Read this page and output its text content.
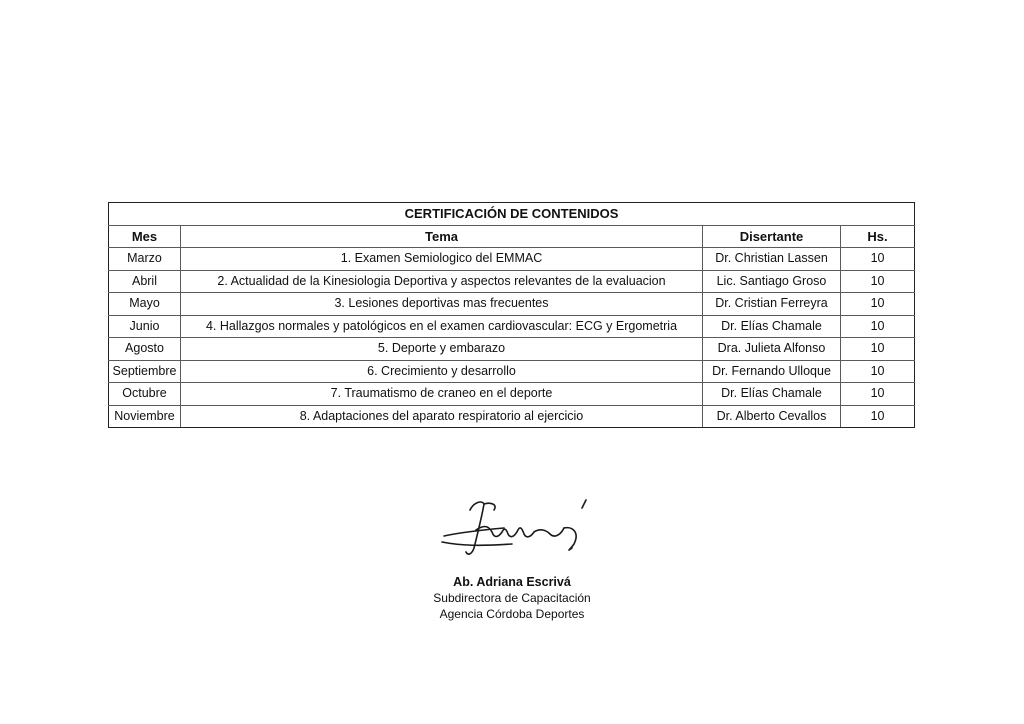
CERTIFICACIÓN DE CONTENIDOS			
Mes	Tema	Disertante	Hs.
Marzo	1. Examen Semiologico del EMMAC	Dr. Christian Lassen	10
Abril	2. Actualidad de la Kinesiologia Deportiva y aspectos relevantes de la evaluacion	Lic. Santiago Groso	10
Mayo	3. Lesiones deportivas mas frecuentes	Dr. Cristian Ferreyra	10
Junio	4. Hallazgos normales y patológicos en el examen cardiovascular: ECG y Ergometria	Dr. Elías Chamale	10
Agosto	5. Deporte y embarazo	Dra. Julieta Alfonso	10
Septiembre	6. Crecimiento y desarrollo	Dr. Fernando Ulloque	10
Octubre	7. Traumatismo de craneo en el deporte	Dr. Elías Chamale	10
Noviembre	8. Adaptaciones del aparato respiratorio al ejercicio	Dr. Alberto Cevallos	10
Ab. Adriana Escrivá
Subdirectora de Capacitación
Agencia Córdoba Deportes
